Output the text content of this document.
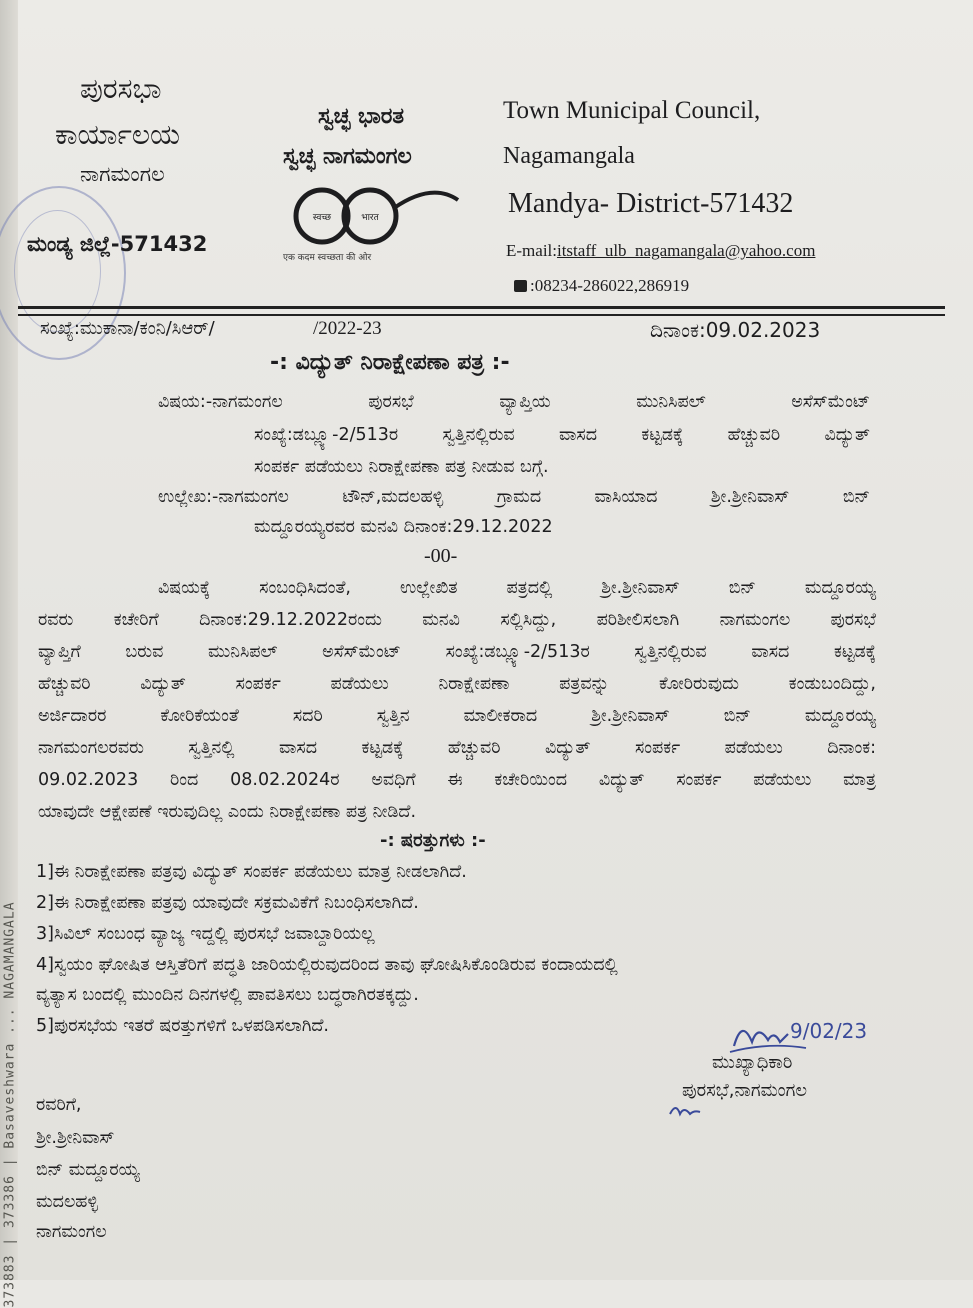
373883 | 373386 | Basaveshwara ... NAGAMANGALA
ಪುರಸಭಾ
ಕಾರ್ಯಾಲಯ
ನಾಗಮಂಗಲ
ಮಂಡ್ಯ ಜಿಲ್ಲೆ-571432
ಸ್ವಚ್ಛ ಭಾರತ
ಸ್ವಚ್ಛ ನಾಗಮಂಗಲ
स्वच्छ	भारत
एक कदम स्वच्छता की ओर
Town Municipal Council,
Nagamangala
Mandya- District-571432
E-mail:itstaff_ulb_nagamangala@yahoo.com
:08234-286022,286919
ಸಂಖ್ಯೆ:ಮುಕಾನಾ/ಕಂನಿ/ಸಿಆರ್/	/2022-23	ದಿನಾಂಕ:09.02.2023
-: ವಿದ್ಯುತ್ ನಿರಾಕ್ಷೇಪಣಾ ಪತ್ರ :-
ವಿಷಯ:-ನಾಗಮಂಗಲ ಪುರಸಭೆ ವ್ಯಾಪ್ತಿಯ ಮುನಿಸಿಪಲ್ ಅಸೆಸ್‌ಮೆಂಟ್
ಸಂಖ್ಯೆ:ಡಬ್ಲ್ಯೂ-2/513ರ ಸ್ವತ್ತಿನಲ್ಲಿರುವ ವಾಸದ ಕಟ್ಟಡಕ್ಕೆ ಹೆಚ್ಚುವರಿ ವಿದ್ಯುತ್
ಸಂಪರ್ಕ ಪಡೆಯಲು ನಿರಾಕ್ಷೇಪಣಾ ಪತ್ರ ನೀಡುವ ಬಗ್ಗೆ.
ಉಲ್ಲೇಖ:-ನಾಗಮಂಗಲ ಟೌನ್,ಮದಲಹಳ್ಳಿ ಗ್ರಾಮದ ವಾಸಿಯಾದ ಶ್ರೀ.ಶ್ರೀನಿವಾಸ್ ಬಿನ್
ಮದ್ದೂರಯ್ಯರವರ ಮನವಿ ದಿನಾಂಕ:29.12.2022
-00-
ವಿಷಯಕ್ಕೆ ಸಂಬಂಧಿಸಿದಂತೆ, ಉಲ್ಲೇಖಿತ ಪತ್ರದಲ್ಲಿ ಶ್ರೀ.ಶ್ರೀನಿವಾಸ್ ಬಿನ್ ಮದ್ದೂರಯ್ಯ
ರವರು ಕಚೇರಿಗೆ ದಿನಾಂಕ:29.12.2022ರಂದು ಮನವಿ ಸಲ್ಲಿಸಿದ್ದು, ಪರಿಶೀಲಿಸಲಾಗಿ ನಾಗಮಂಗಲ ಪುರಸಭೆ
ವ್ಯಾಪ್ತಿಗೆ ಬರುವ ಮುನಿಸಿಪಲ್ ಅಸೆಸ್‌ಮೆಂಟ್ ಸಂಖ್ಯೆ:ಡಬ್ಲ್ಯೂ-2/513ರ ಸ್ವತ್ತಿನಲ್ಲಿರುವ ವಾಸದ ಕಟ್ಟಡಕ್ಕೆ
ಹೆಚ್ಚುವರಿ ವಿದ್ಯುತ್ ಸಂಪರ್ಕ ಪಡೆಯಲು ನಿರಾಕ್ಷೇಪಣಾ ಪತ್ರವನ್ನು ಕೋರಿರುವುದು ಕಂಡುಬಂದಿದ್ದು,
ಅರ್ಜಿದಾರರ ಕೋರಿಕೆಯಂತೆ ಸದರಿ ಸ್ವತ್ತಿನ ಮಾಲೀಕರಾದ ಶ್ರೀ.ಶ್ರೀನಿವಾಸ್ ಬಿನ್ ಮದ್ದೂರಯ್ಯ
ನಾಗಮಂಗಲರವರು ಸ್ವತ್ತಿನಲ್ಲಿ ವಾಸದ ಕಟ್ಟಡಕ್ಕೆ ಹೆಚ್ಚುವರಿ ವಿದ್ಯುತ್ ಸಂಪರ್ಕ ಪಡೆಯಲು ದಿನಾಂಕ:
09.02.2023 ರಿಂದ 08.02.2024ರ ಅವಧಿಗೆ ಈ ಕಚೇರಿಯಿಂದ ವಿದ್ಯುತ್ ಸಂಪರ್ಕ ಪಡೆಯಲು ಮಾತ್ರ
ಯಾವುದೇ ಆಕ್ಷೇಪಣೆ ಇರುವುದಿಲ್ಲ ಎಂದು ನಿರಾಕ್ಷೇಪಣಾ ಪತ್ರ ನೀಡಿದೆ.
-: ಷರತ್ತುಗಳು :-
1]ಈ ನಿರಾಕ್ಷೇಪಣಾ ಪತ್ರವು ವಿದ್ಯುತ್ ಸಂಪರ್ಕ ಪಡೆಯಲು ಮಾತ್ರ ನೀಡಲಾಗಿದೆ.
2]ಈ ನಿರಾಕ್ಷೇಪಣಾ ಪತ್ರವು ಯಾವುದೇ ಸಕ್ರಮವಿಕೆಗೆ ನಿಬಂಧಿಸಲಾಗಿದೆ.
3]ಸಿವಿಲ್ ಸಂಬಂಧ ವ್ಯಾಜ್ಯ ಇದ್ದಲ್ಲಿ ಪುರಸಭೆ ಜವಾಬ್ದಾರಿಯಲ್ಲ
4]ಸ್ವಯಂ ಘೋಷಿತ ಆಸ್ತಿತೆರಿಗೆ ಪದ್ಧತಿ ಜಾರಿಯಲ್ಲಿರುವುದರಿಂದ ತಾವು ಘೋಷಿಸಿಕೊಂಡಿರುವ ಕಂದಾಯದಲ್ಲಿ
ವ್ಯತ್ಯಾಸ ಬಂದಲ್ಲಿ ಮುಂದಿನ ದಿನಗಳಲ್ಲಿ ಪಾವತಿಸಲು ಬದ್ಧರಾಗಿರತಕ್ಕದ್ದು.
5]ಪುರಸಭೆಯ ಇತರೆ ಷರತ್ತುಗಳಿಗೆ ಒಳಪಡಿಸಲಾಗಿದೆ.	9/02/23
ಮುಖ್ಯಾಧಿಕಾರಿ
ಪುರಸಭೆ,ನಾಗಮಂಗಲ
ರವರಿಗೆ,
ಶ್ರೀ.ಶ್ರೀನಿವಾಸ್
ಬಿನ್ ಮದ್ದೂರಯ್ಯ
ಮದಲಹಳ್ಳಿ
ನಾಗಮಂಗಲ
